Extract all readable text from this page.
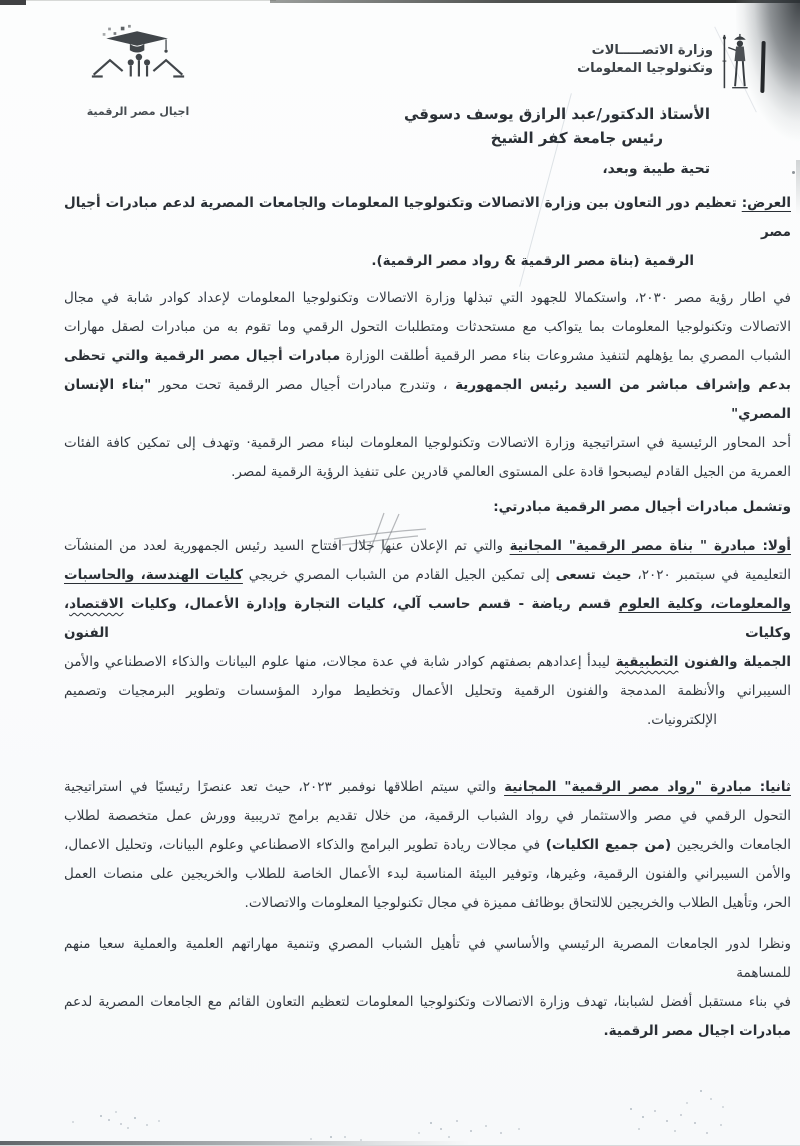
وزارة الاتصـــــالات
وتكنولوجيا المعلومات
اجيال مصر الرقمية	الأستاذ الدكتور/عبد الرازق يوسف دسوقي
رئيس جامعة كفر الشيخ
تحية طيبة وبعد،
العرض: تعظيم دور التعاون بين وزارة الاتصالات وتكنولوجيا المعلومات والجامعات المصرية لدعم مبادرات أجيال مصر
الرقمية (بناة مصر الرقمية & رواد مصر الرقمية).
في اطار رؤية مصر ٢٠٣٠، واستكمالا للجهود التي تبذلها وزارة الاتصالات وتكنولوجيا المعلومات لإعداد كوادر شابة في مجال
الاتصالات وتكنولوجيا المعلومات بما يتواكب مع مستحدثات ومتطلبات التحول الرقمي وما تقوم به من مبادرات لصقل مهارات
الشباب المصري بما يؤهلهم لتنفيذ مشروعات بناء مصر الرقمية أطلقت الوزارة مبادرات أجيال مصر الرقمية والتي تحظى
بدعم وإشراف مباشر من السيد رئيس الجمهورية ، وتندرج مبادرات أجيال مصر الرقمية تحت محور "بناء الإنسان المصري"
أحد المحاور الرئيسية في استراتيجية وزارة الاتصالات وتكنولوجيا المعلومات لبناء مصر الرقمية· وتهدف إلى تمكين كافة الفئات
العمرية من الجيل القادم ليصبحوا قادة على المستوى العالمي قادرين على تنفيذ الرؤية الرقمية لمصر.
وتشمل مبادرات أجيال مصر الرقمية مبادرتي:
أولا: مبادرة " بناة مصر الرقمية" المجانية والتي تم الإعلان عنها خلال افتتاح السيد رئيس الجمهورية لعدد من المنشآت
التعليمية في سبتمبر ٢٠٢٠، حيث تسعى إلى تمكين الجيل القادم من الشباب المصري خريجي كليات الهندسة، والحاسبات
والمعلومات، وكلية العلوم قسم رياضة - قسم حاسب آلي، كليات التجارة وإدارة الأعمال، وكليات الاقتصاد، وكليات الفنون
الجميلة والفنون التطبيقية ليبدأ إعدادهم بصفتهم كوادر شابة في عدة مجالات، منها علوم البيانات والذكاء الاصطناعي والأمن
السيبراني والأنظمة المدمجة والفنون الرقمية وتحليل الأعمال وتخطيط موارد المؤسسات وتطوير البرمجيات وتصميم
الإلكترونيات.
ثانيا: مبادرة "رواد مصر الرقمية" المجانية والتي سيتم اطلاقها نوفمبر ٢٠٢٣، حيث تعد عنصرًا رئيسيًا في استراتيجية
التحول الرقمي في مصر والاستثمار في رواد الشباب الرقمية، من خلال تقديم برامج تدريبية وورش عمل متخصصة لطلاب
الجامعات والخريجين (من جميع الكليات) في مجالات ريادة تطوير البرامج والذكاء الاصطناعي وعلوم البيانات، وتحليل الاعمال،
والأمن السيبراني والفنون الرقمية، وغيرها، وتوفير البيئة المناسبة لبدء الأعمال الخاصة للطلاب والخريجين على منصات العمل
الحر، وتأهيل الطلاب والخريجين للالتحاق بوظائف مميزة في مجال تكنولوجيا المعلومات والاتصالات.
ونظرا لدور الجامعات المصرية الرئيسي والأساسي في تأهيل الشباب المصري وتنمية مهاراتهم العلمية والعملية سعيا منهم للمساهمة
في بناء مستقبل أفضل لشبابنا، تهدف وزارة الاتصالات وتكنولوجيا المعلومات لتعظيم التعاون القائم مع الجامعات المصرية لدعم
مبادرات اجيال مصر الرقمية.
